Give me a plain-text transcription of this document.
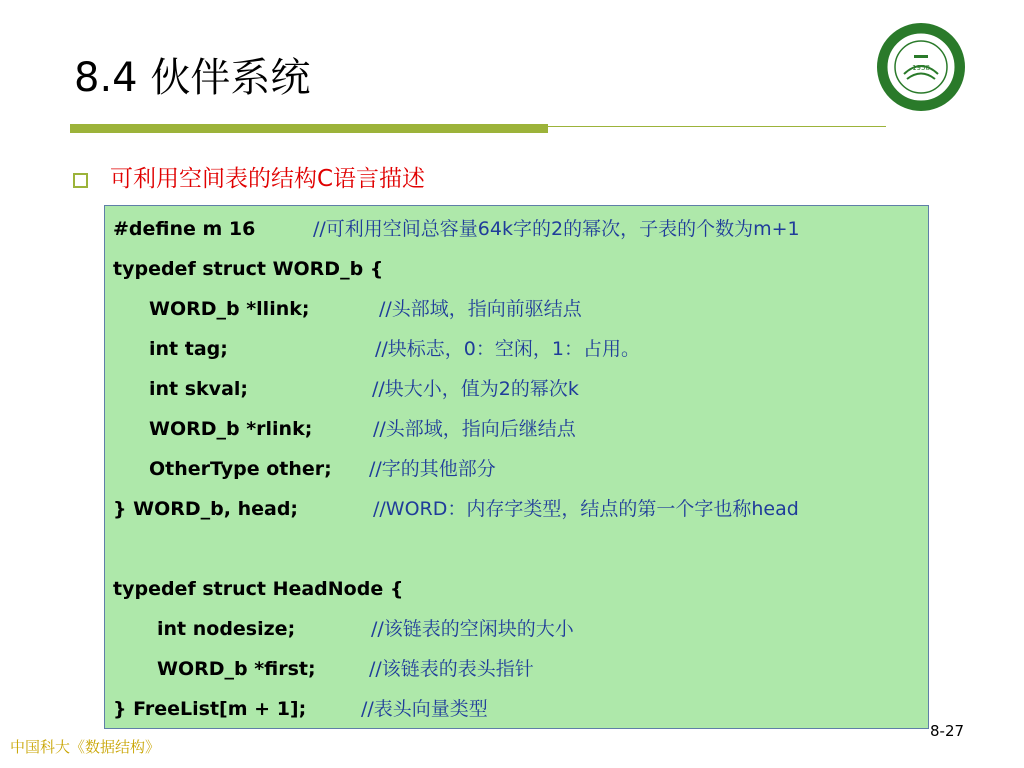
8.4 伙伴系统	1958
可利用空间表的结构C语言描述
#define m 16	//可利用空间总容量64k字的2的幂次，子表的个数为m+1
typedef struct WORD_b {
WORD_b *llink;	//头部域，指向前驱结点
int tag;	//块标志，0：空闲，1：占用。
int skval;	//块大小，值为2的幂次k
WORD_b *rlink;	//头部域，指向后继结点
OtherType other; //字的其他部分
} WORD_b, head;	//WORD：内存字类型，结点的第一个字也称head
typedef struct HeadNode {
int nodesize;	//该链表的空闲块的大小
WORD_b *first;	//该链表的表头指针
} FreeList[m + 1];	//表头向量类型
8-27
中国科大《数据结构》
